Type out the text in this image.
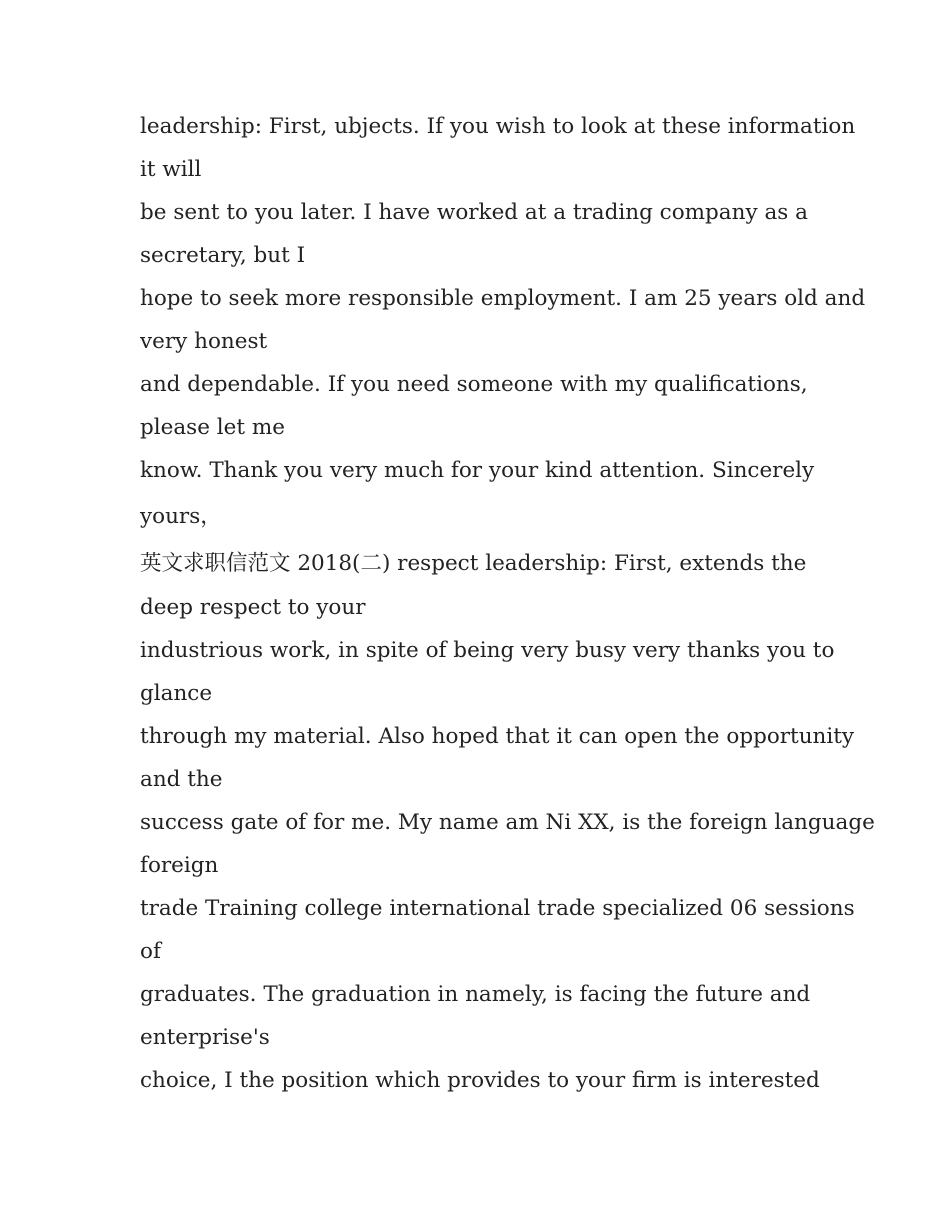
leadership: First, ubjects. If you wish to look at these information
it will
be sent to you later. I have worked at a trading company as a
secretary, but I
hope to seek more responsible employment. I am 25 years old and
very honest
and dependable. If you need someone with my qualifications,
please let me
know. Thank you very much for your kind attention. Sincerely
yours，
英文求职信范文 2018(二) respect leadership: First, extends the
deep respect to your
industrious work, in spite of being very busy very thanks you to
glance
through my material. Also hoped that it can open the opportunity
and the
success gate of for me. My name am Ni XX, is the foreign language
foreign
trade Training college international trade specialized 06 sessions
of
graduates. The graduation in namely, is facing the future and
enterprise's
choice, I the position which provides to your firm is interested
